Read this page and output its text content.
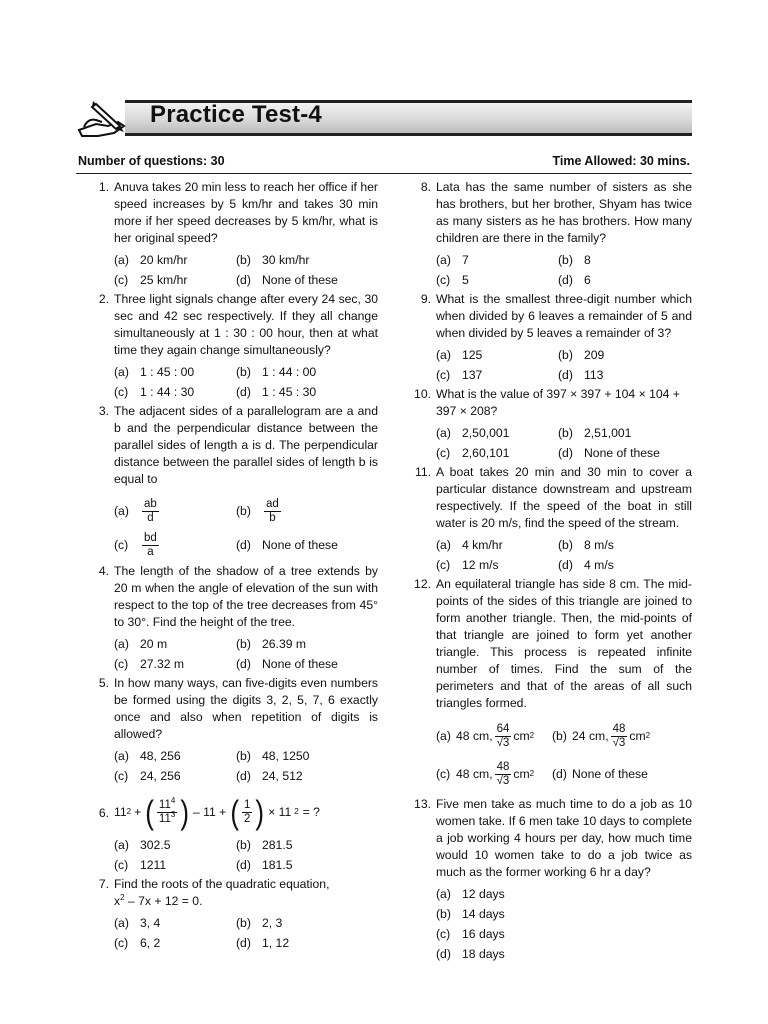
Practice Test-4
Number of questions: 30	Time Allowed: 30 mins.
1. Anuva takes 20 min less to reach her office if her speed increases by 5 km/hr and takes 30 min more if her speed decreases by 5 km/hr, what is her original speed?
(a) 20 km/hr	(b) 30 km/hr
(c) 25 km/hr	(d) None of these
2. Three light signals change after every 24 sec, 30 sec and 42 sec respectively. If they all change simultaneously at 1 : 30 : 00 hour, then at what time they again change simultaneously?
(a) 1 : 45 : 00	(b) 1 : 44 : 00
(c) 1 : 44 : 30	(d) 1 : 45 : 30
3. The adjacent sides of a parallelogram are a and b and the perpendicular distance between the parallel sides of length a is d. The perpendicular distance between the parallel sides of length b is equal to
(a)	$\frac{ab}{d}$	(b)	$\frac{ad}{b}$
(c)	$\frac{bd}{a}$	(d) None of these
4. The length of the shadow of a tree extends by 20 m when the angle of elevation of the sun with respect to the top of the tree decreases from 45° to 30°. Find the height of the tree.
(a) 20 m	(b) 26.39 m
(c) 27.32 m	(d) None of these
5. In how many ways, can five-digits even numbers be formed using the digits 3, 2, 5, 7, 6 exactly once and also when repetition of digits is allowed?
(a) 48, 256	(b) 48, 1250
(c) 24, 256	(d) 24, 512
6. 11 2 + ( $\frac{11^4}{11^3}$ ) – 11 + ( $\frac{1}{2}$ ) × 11 2 = ?
(a) 302.5	(b) 281.5
(c) 1211	(d) 181.5
7. Find the roots of the quadratic equation,
$x^2 - 7x + 12 = 0$.
(a) 3, 4	(b) 2, 3
(c) 6, 2	(d) 1, 12
8. Lata has the same number of sisters as she has brothers, but her brother, Shyam has twice as many sisters as he has brothers. How many children are there in the family?
(a) 7	(b) 8
(c) 5	(d) 6
9. What is the smallest three-digit number which when divided by 6 leaves a remainder of 5 and when divided by 5 leaves a remainder of 3?
(a) 125	(b) 209
(c) 137	(d) 113
10. What is the value of 397 × 397 + 104 × 104 + 397 × 208?
(a) 2,50,001	(b) 2,51,001
(c) 2,60,101	(d) None of these
11. A boat takes 20 min and 30 min to cover a particular distance downstream and upstream respectively. If the speed of the boat in still water is 20 m/s, find the speed of the stream.
(a) 4 km/hr	(b) 8 m/s
(c) 12 m/s	(d) 4 m/s
12. An equilateral triangle has side 8 cm. The mid-points of the sides of this triangle are joined to form another triangle. Then, the mid-points of that triangle are joined to form yet another triangle. This process is repeated infinite number of times. Find the sum of the perimeters and that of the areas of all such triangles formed.
(a) 48 cm, $\frac{64}{√3}$ cm 2 (b) 24 cm, $\frac{48}{√3}$ cm 2
(c) 48 cm, $\frac{48}{√3}$ cm 2 (d) None of these
13. Five men take as much time to do a job as 10 women take. If 6 men take 10 days to complete a job working 4 hours per day, how much time would 10 women take to do a job twice as much as the former working 6 hr a day?
(a) 12 days
(b) 14 days
(c) 16 days
(d) 18 days
